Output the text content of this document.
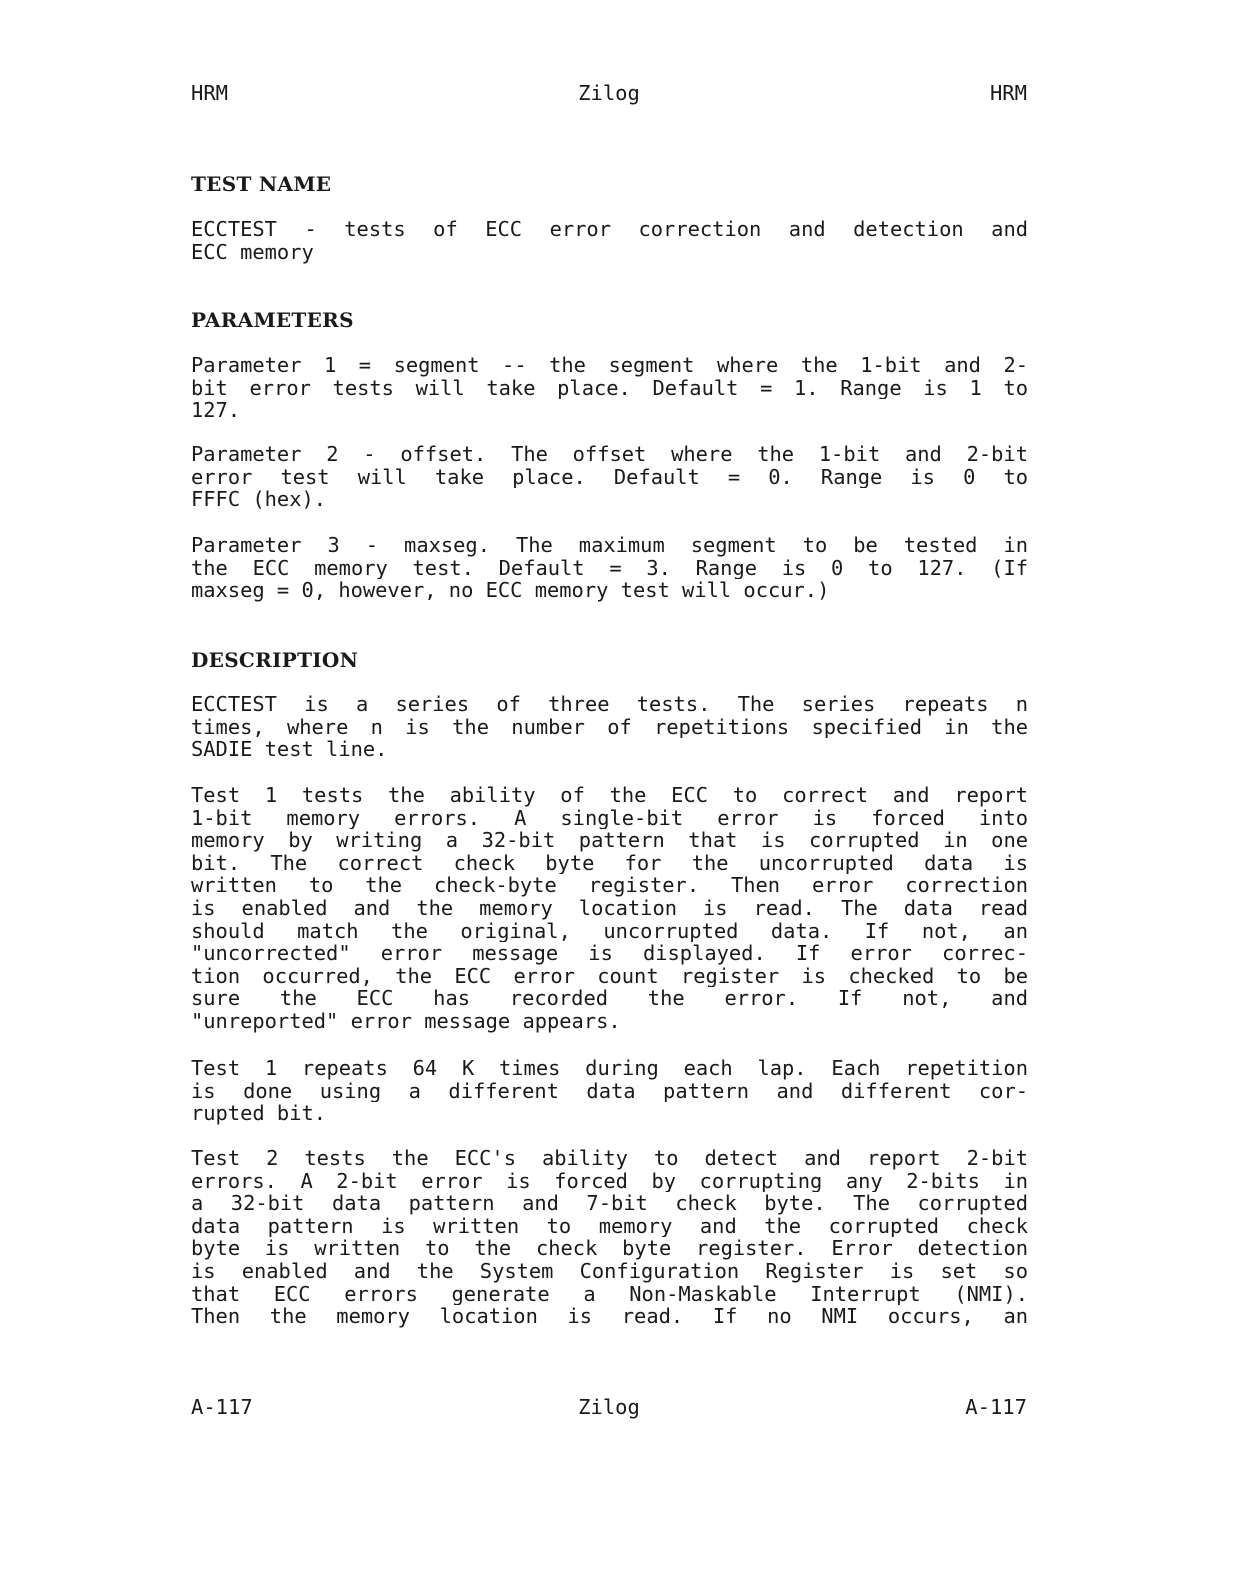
HRM	Zilog	HRM
TEST NAME
ECCTEST - tests of ECC error correction and detection and
ECC memory
PARAMETERS
Parameter 1 = segment -- the segment where the 1-bit and 2-
bit error tests will take place. Default = 1. Range is 1 to
127.
Parameter 2 - offset. The offset where the 1-bit and 2-bit
error test will take place. Default = 0. Range is 0 to
FFFC (hex).
Parameter 3 - maxseg. The maximum segment to be tested in
the ECC memory test. Default = 3. Range is 0 to 127. (If
maxseg = 0, however, no ECC memory test will occur.)
DESCRIPTION
ECCTEST is a series of three tests. The series repeats n
times, where n is the number of repetitions specified in the
SADIE test line.
Test 1 tests the ability of the ECC to correct and report
1-bit memory errors. A single-bit error is forced into
memory by writing a 32-bit pattern that is corrupted in one
bit. The correct check byte for the uncorrupted data is
written to the check-byte register. Then error correction
is enabled and the memory location is read. The data read
should match the original, uncorrupted data. If not, an
"uncorrected" error message is displayed. If error correc-
tion occurred, the ECC error count register is checked to be
sure the ECC has recorded the error. If not, and
"unreported" error message appears.
Test 1 repeats 64 K times during each lap. Each repetition
is done using a different data pattern and different cor-
rupted bit.
Test 2 tests the ECC's ability to detect and report 2-bit
errors. A 2-bit error is forced by corrupting any 2-bits in
a 32-bit data pattern and 7-bit check byte. The corrupted
data pattern is written to memory and the corrupted check
byte is written to the check byte register. Error detection
is enabled and the System Configuration Register is set so
that ECC errors generate a Non-Maskable Interrupt (NMI).
Then the memory location is read. If no NMI occurs, an
A-117	Zilog	A-117
